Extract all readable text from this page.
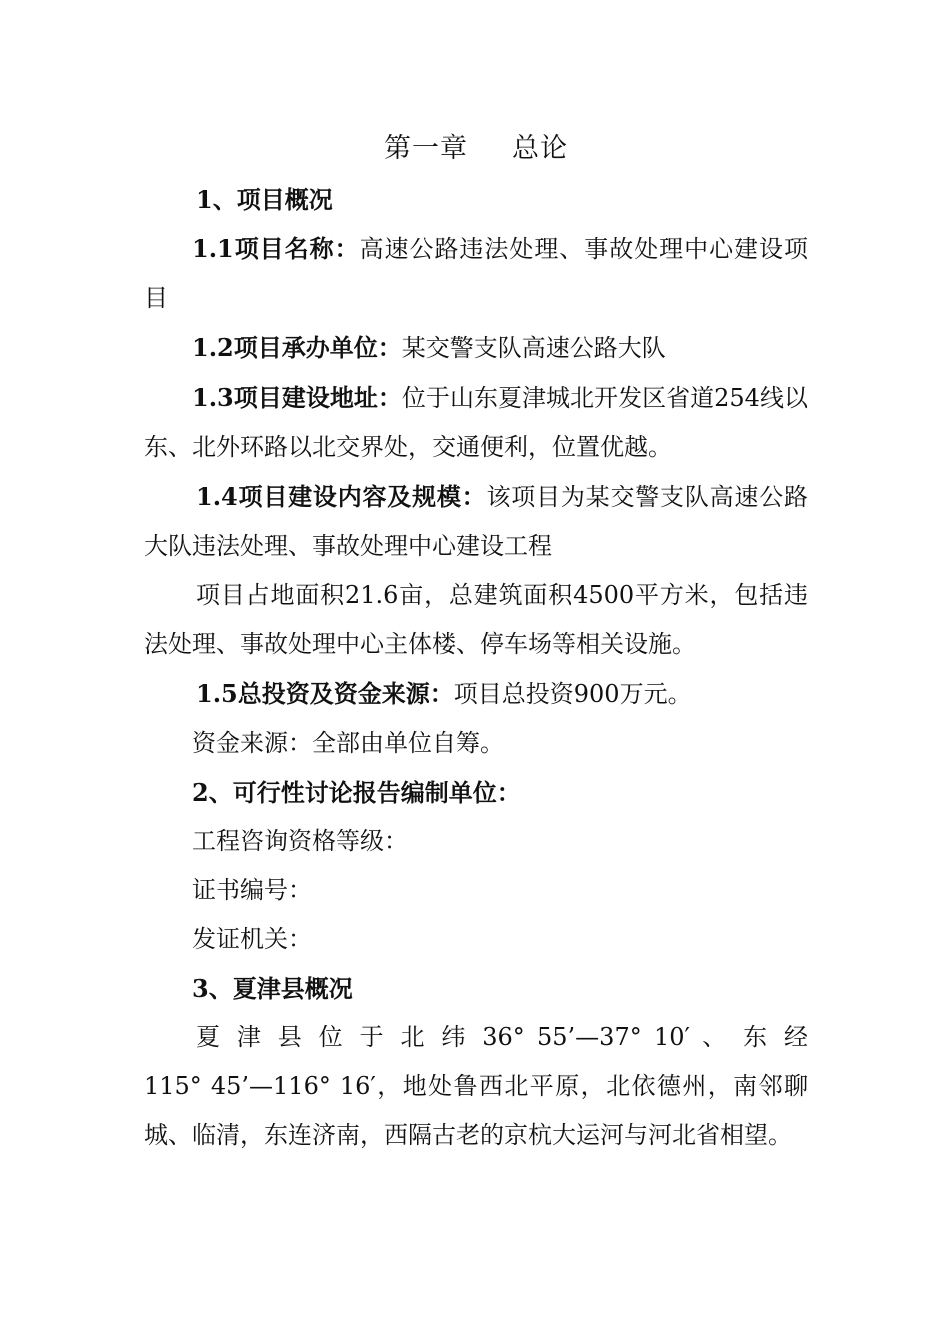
第一章 总论

1、项目概况

1.1项目名称：高速公路违法处理、事故处理中心建设项目

1.2项目承办单位：某交警支队高速公路大队

1.3项目建设地址：位于山东夏津城北开发区省道254线以东、北外环路以北交界处，交通便利，位置优越。

1.4项目建设内容及规模：该项目为某交警支队高速公路大队违法处理、事故处理中心建设工程

项目占地面积21.6亩，总建筑面积4500平方米，包括违法处理、事故处理中心主体楼、停车场等相关设施。

1.5总投资及资金来源：项目总投资900万元。

资金来源：全部由单位自筹。

2、可行性讨论报告编制单位：

工程咨询资格等级：

证书编号：

发证机关：

3、夏津县概况

夏 津 县 位 于 北 纬 36° 55’—37° 10′ 、 东 经

115° 45’—116° 16′，地处鲁西北平原，北依德州，南邻聊城、临清，东连济南，西隔古老的京杭大运河与河北省相望。
